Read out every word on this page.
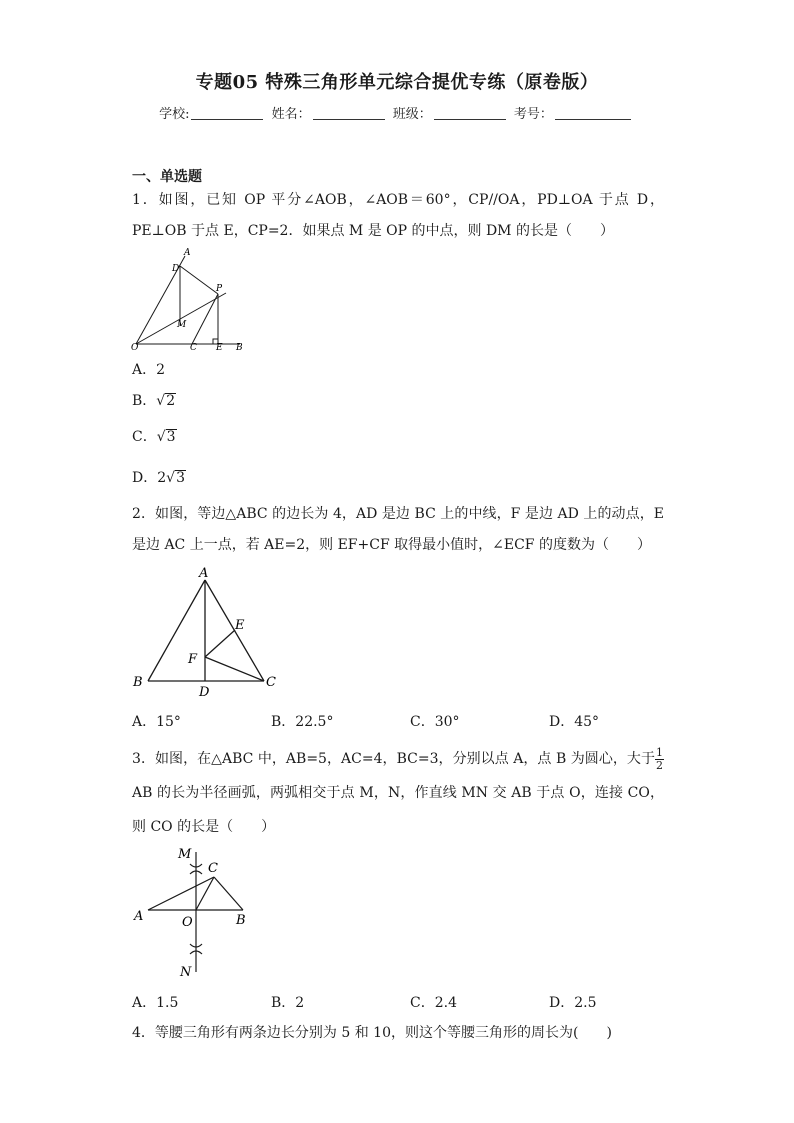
专题05 特殊三角形单元综合提优专练（原卷版）
学校:	姓名：	班级：	考号：
一、单选题
1．如图，已知 OP 平分∠AOB，∠AOB＝60°，CP//OA，PD⊥OA 于点 D，PE⊥OB 于点 E，CP=2．如果点 M 是 OP 的中点，则 DM 的长是（　　）
A
D
P
M
O	C E B
A．2
B．√2
C．√3
D．2√3
2．如图，等边△ABC 的边长为 4，AD 是边 BC 上的中线，F 是边 AD 上的动点，E 是边 AC 上一点，若 AE=2，则 EF+CF 取得最小值时，∠ECF 的度数为（　　）
A
B	C
D
E
F
A．15°	B．22.5°	C．30°	D．45°
3．如图，在△ABC 中，AB=5，AC=4，BC=3，分别以点 A，点 B 为圆心，大于 $\frac{1}{2}$
AB 的长为半径画弧，两弧相交于点 M，N，作直线 MN 交 AB 于点 O，连接 CO，则 CO 的长是（　　）
M
C
A	O	B
N
A．1.5	B．2	C．2.4	D．2.5
4．等腰三角形有两条边长分别为 5 和 10，则这个等腰三角形的周长为(　　)
